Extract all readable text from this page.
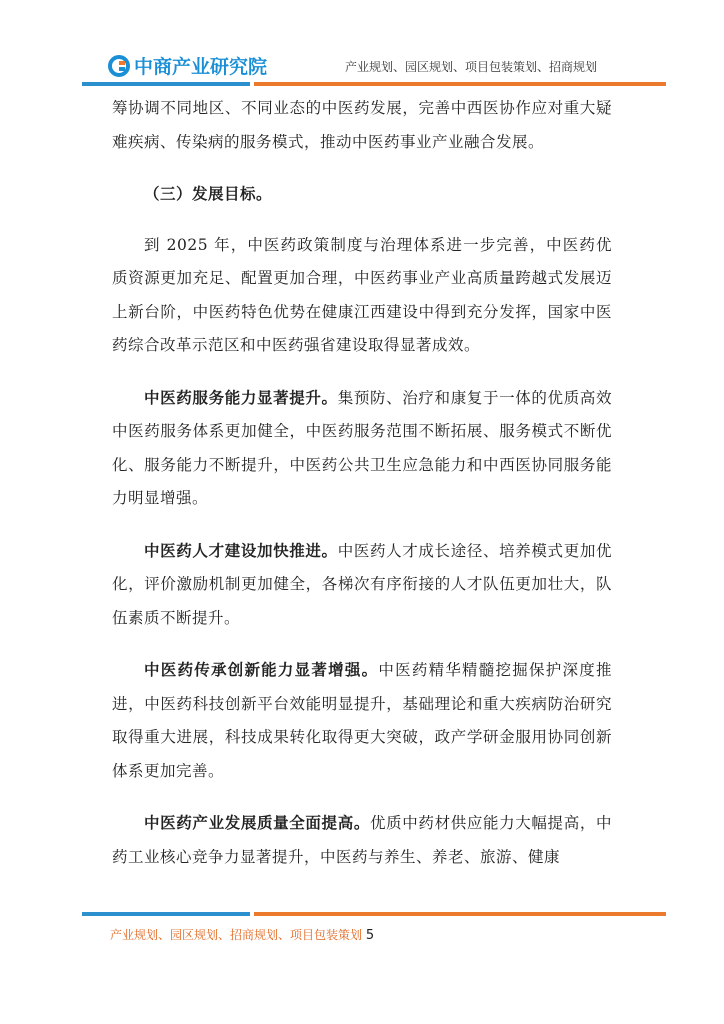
中商产业研究院	产业规划、园区规划、项目包装策划、招商规划

筹协调不同地区、不同业态的中医药发展，完善中西医协作应对重大疑难疾病、传染病的服务模式，推动中医药事业产业融合发展。

（三）发展目标。

到 2025 年，中医药政策制度与治理体系进一步完善，中医药优质资源更加充足、配置更加合理，中医药事业产业高质量跨越式发展迈上新台阶，中医药特色优势在健康江西建设中得到充分发挥，国家中医药综合改革示范区和中医药强省建设取得显著成效。

中医药服务能力显著提升。集预防、治疗和康复于一体的优质高效中医药服务体系更加健全，中医药服务范围不断拓展、服务模式不断优化、服务能力不断提升，中医药公共卫生应急能力和中西医协同服务能力明显增强。

中医药人才建设加快推进。中医药人才成长途径、培养模式更加优化，评价激励机制更加健全，各梯次有序衔接的人才队伍更加壮大，队伍素质不断提升。

中医药传承创新能力显著增强。中医药精华精髓挖掘保护深度推进，中医药科技创新平台效能明显提升，基础理论和重大疾病防治研究取得重大进展，科技成果转化取得更大突破，政产学研金服用协同创新体系更加完善。

中医药产业发展质量全面提高。优质中药材供应能力大幅提高，中药工业核心竞争力显著提升，中医药与养生、养老、旅游、健康

产业规划、园区规划、招商规划、项目包装策划 5
